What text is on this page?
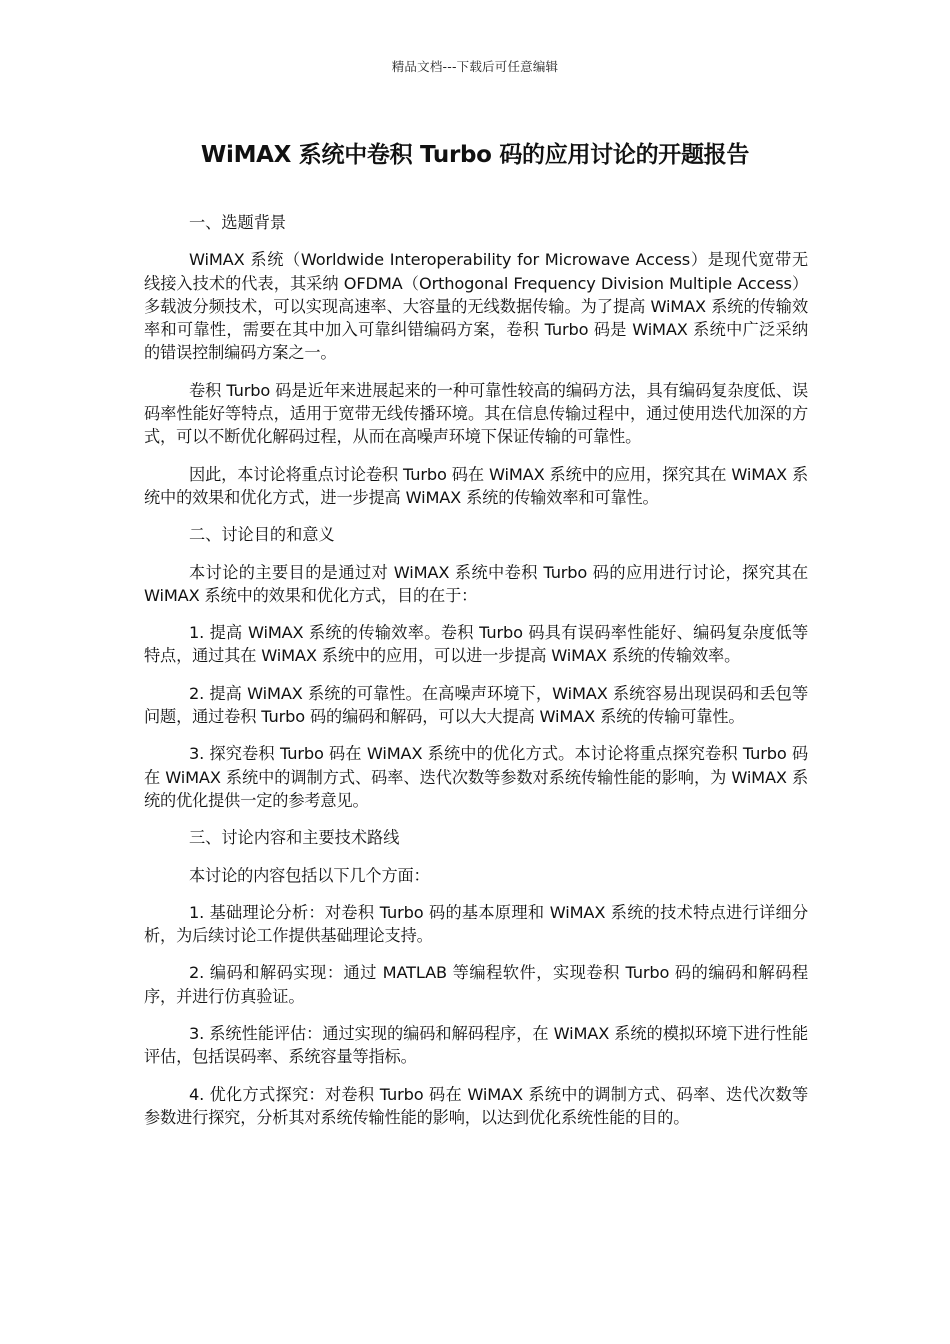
精品文档---下载后可任意编辑
WiMAX 系统中卷积 Turbo 码的应用讨论的开题报告

一、选题背景

WiMAX 系统（Worldwide Interoperability for Microwave Access）是现代宽带无线接入技术的代表，其采纳 OFDMA（Orthogonal Frequency Division Multiple Access）多载波分频技术，可以实现高速率、大容量的无线数据传输。为了提高 WiMAX 系统的传输效率和可靠性，需要在其中加入可靠纠错编码方案，卷积 Turbo 码是 WiMAX 系统中广泛采纳的错误控制编码方案之一。

卷积 Turbo 码是近年来进展起来的一种可靠性较高的编码方法，具有编码复杂度低、误码率性能好等特点，适用于宽带无线传播环境。其在信息传输过程中，通过使用迭代加深的方式，可以不断优化解码过程，从而在高噪声环境下保证传输的可靠性。

因此，本讨论将重点讨论卷积 Turbo 码在 WiMAX 系统中的应用，探究其在 WiMAX 系统中的效果和优化方式，进一步提高 WiMAX 系统的传输效率和可靠性。

二、讨论目的和意义

本讨论的主要目的是通过对 WiMAX 系统中卷积 Turbo 码的应用进行讨论，探究其在 WiMAX 系统中的效果和优化方式，目的在于：

1. 提高 WiMAX 系统的传输效率。卷积 Turbo 码具有误码率性能好、编码复杂度低等特点，通过其在 WiMAX 系统中的应用，可以进一步提高 WiMAX 系统的传输效率。

2. 提高 WiMAX 系统的可靠性。在高噪声环境下，WiMAX 系统容易出现误码和丢包等问题，通过卷积 Turbo 码的编码和解码，可以大大提高 WiMAX 系统的传输可靠性。

3. 探究卷积 Turbo 码在 WiMAX 系统中的优化方式。本讨论将重点探究卷积 Turbo 码在 WiMAX 系统中的调制方式、码率、迭代次数等参数对系统传输性能的影响，为 WiMAX 系统的优化提供一定的参考意见。

三、讨论内容和主要技术路线

本讨论的内容包括以下几个方面：

1. 基础理论分析：对卷积 Turbo 码的基本原理和 WiMAX 系统的技术特点进行详细分析，为后续讨论工作提供基础理论支持。

2. 编码和解码实现：通过 MATLAB 等编程软件，实现卷积 Turbo 码的编码和解码程序，并进行仿真验证。

3. 系统性能评估：通过实现的编码和解码程序，在 WiMAX 系统的模拟环境下进行性能评估，包括误码率、系统容量等指标。

4. 优化方式探究：对卷积 Turbo 码在 WiMAX 系统中的调制方式、码率、迭代次数等参数进行探究，分析其对系统传输性能的影响，以达到优化系统性能的目的。
